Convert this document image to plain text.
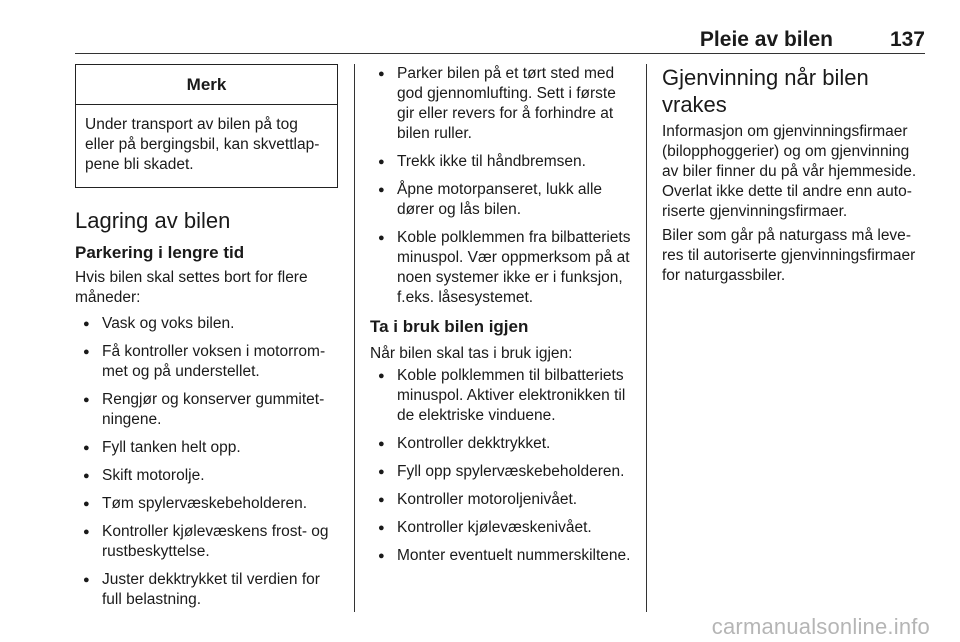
Pleie av bilen	137
Merk
Under transport av bilen på tog eller på bergingsbil, kan skvettlappene bli skadet.
Lagring av bilen
Parkering i lengre tid

Hvis bilen skal settes bort for flere måneder:

● Vask og voks bilen.
● Få kontroller voksen i motorrommet og på understellet.
● Rengjør og konserver gummitetningene.
● Fyll tanken helt opp.
● Skift motorolje.
● Tøm spylervæskebeholderen.
● Kontroller kjølevæskens frost- og rustbeskyttelse.
● Juster dekktrykket til verdien for full belastning.
● Parker bilen på et tørt sted med god gjennomlufting. Sett i første gir eller revers for å forhindre at bilen ruller.
● Trekk ikke til håndbremsen.
● Åpne motorpanseret, lukk alle dører og lås bilen.
● Koble polklemmen fra bilbatteriets minuspol. Vær oppmerksom på at noen systemer ikke er i funksjon, f.eks. låsesystemet.
Ta i bruk bilen igjen

Når bilen skal tas i bruk igjen:

● Koble polklemmen til bilbatteriets minuspol. Aktiver elektronikken til de elektriske vinduene.
● Kontroller dekktrykket.
● Fyll opp spylervæskebeholderen.
● Kontroller motoroljenivået.
● Kontroller kjølevæskenivået.
● Monter eventuelt nummerskiltene.
Gjenvinning når bilen vrakes

Informasjon om gjenvinningsfirmaer (bilopphoggerier) og om gjenvinning av biler finner du på vår hjemmeside. Overlat ikke dette til andre enn autoriserte gjenvinningsfirmaer.

Biler som går på naturgass må leveres til autoriserte gjenvinningsfirmaer for naturgassbiler.

carmanualsonline.info
